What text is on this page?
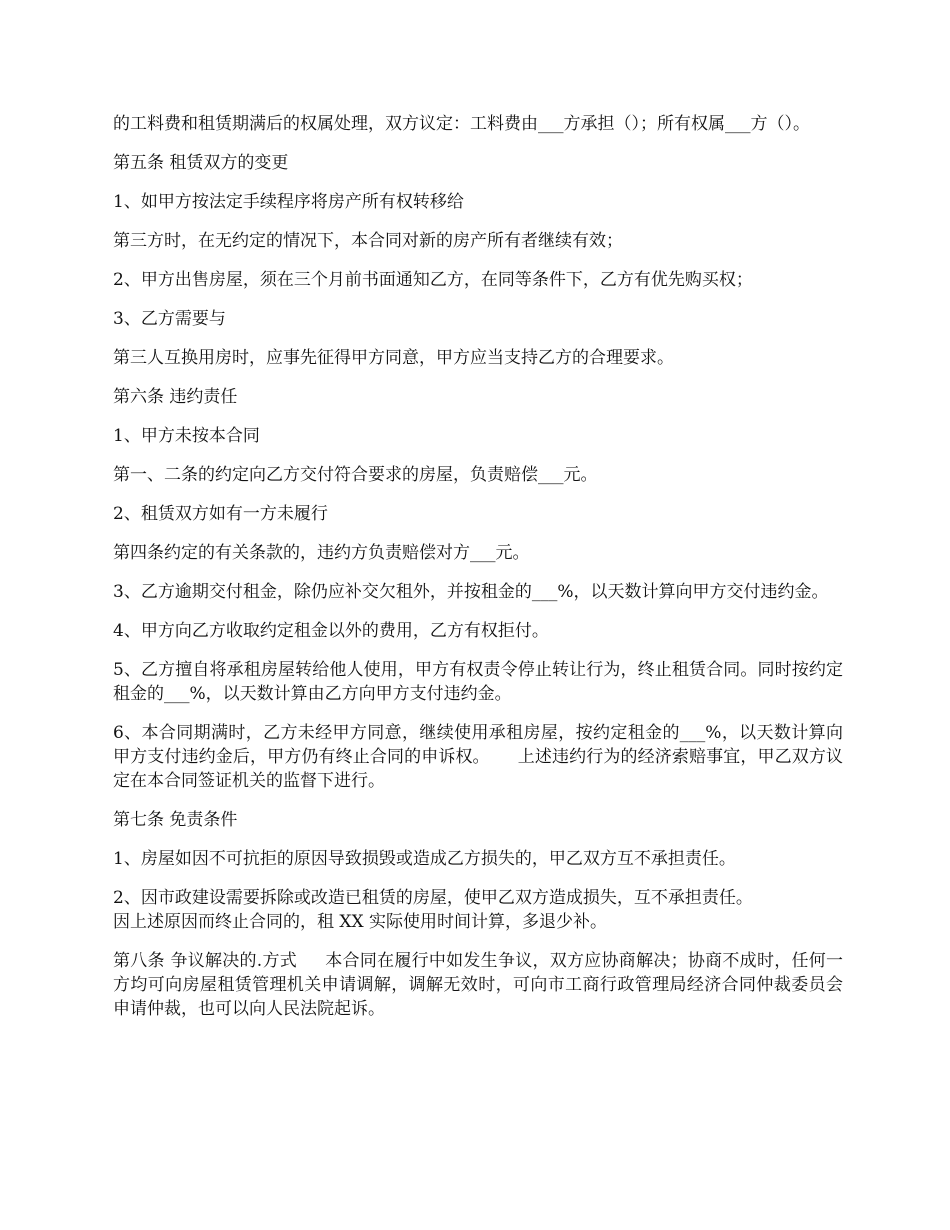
的工料费和租赁期满后的权属处理，双方议定：工料费由___方承担（）；所有权属___方（）。

第五条 租赁双方的变更

1、如甲方按法定手续程序将房产所有权转移给

第三方时，在无约定的情况下，本合同对新的房产所有者继续有效；

2、甲方出售房屋，须在三个月前书面通知乙方，在同等条件下，乙方有优先购买权；

3、乙方需要与

第三人互换用房时，应事先征得甲方同意，甲方应当支持乙方的合理要求。

第六条 违约责任

1、甲方未按本合同

第一、二条的约定向乙方交付符合要求的房屋，负责赔偿___元。

2、租赁双方如有一方未履行

第四条约定的有关条款的，违约方负责赔偿对方___元。

3、乙方逾期交付租金，除仍应补交欠租外，并按租金的___%，以天数计算向甲方交付违约金。

4、甲方向乙方收取约定租金以外的费用，乙方有权拒付。

5、乙方擅自将承租房屋转给他人使用，甲方有权责令停止转让行为，终止租赁合同。同时按约定租金的___%，以天数计算由乙方向甲方支付违约金。

6、本合同期满时，乙方未经甲方同意，继续使用承租房屋，按约定租金的___%，以天数计算向甲方支付违约金后，甲方仍有终止合同的申诉权。 上述违约行为的经济索赔事宜，甲乙双方议定在本合同签证机关的监督下进行。

第七条 免责条件

1、房屋如因不可抗拒的原因导致损毁或造成乙方损失的，甲乙双方互不承担责任。

2、因市政建设需要拆除或改造已租赁的房屋，使甲乙双方造成损失，互不承担责任。
因上述原因而终止合同的，租 XX 实际使用时间计算，多退少补。

第八条 争议解决的.方式 本合同在履行中如发生争议，双方应协商解决；协商不成时，任何一方均可向房屋租赁管理机关申请调解，调解无效时，可向市工商行政管理局经济合同仲裁委员会申请仲裁，也可以向人民法院起诉。
